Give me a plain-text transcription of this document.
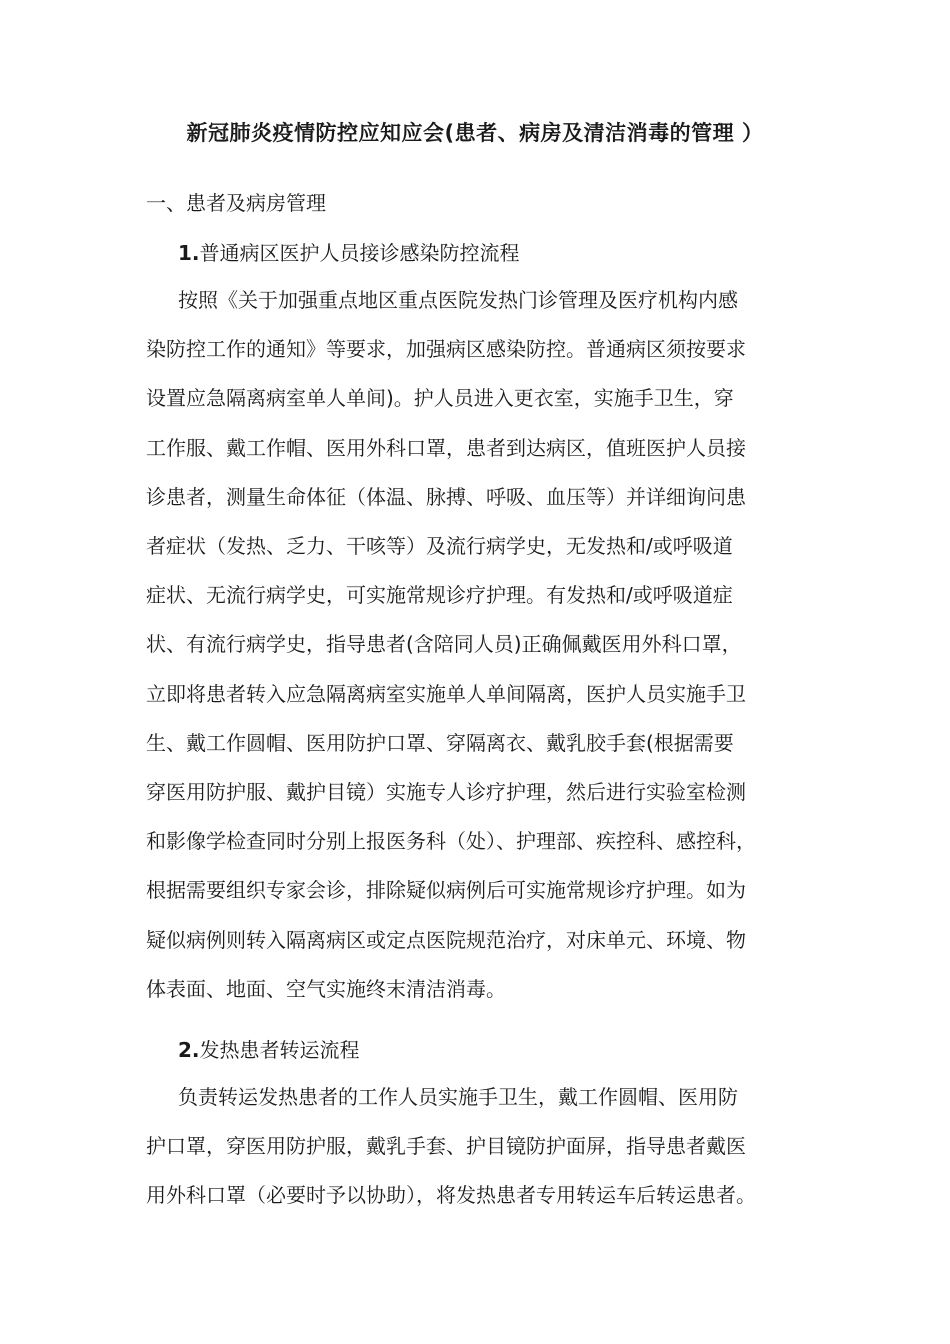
新冠肺炎疫情防控应知应会(患者、病房及清洁消毒的管理 ）
一、患者及病房管理
1.普通病区医护人员接诊感染防控流程
按照《关于加强重点地区重点医院发热门诊管理及医疗机构内感
染防控工作的通知》等要求，加强病区感染防控。普通病区须按要求
设置应急隔离病室单人单间)。护人员进入更衣室，实施手卫生，穿
工作服、戴工作帽、医用外科口罩，患者到达病区，值班医护人员接
诊患者，测量生命体征（体温、脉搏、呼吸、血压等）并详细询问患
者症状（发热、乏力、干咳等）及流行病学史，无发热和/或呼吸道
症状、无流行病学史，可实施常规诊疗护理。有发热和/或呼吸道症
状、有流行病学史，指导患者(含陪同人员)正确佩戴医用外科口罩，
立即将患者转入应急隔离病室实施单人单间隔离，医护人员实施手卫
生、戴工作圆帽、医用防护口罩、穿隔离衣、戴乳胶手套(根据需要
穿医用防护服、戴护目镜）实施专人诊疗护理，然后进行实验室检测
和影像学检查同时分别上报医务科（处）、护理部、疾控科、感控科，
根据需要组织专家会诊，排除疑似病例后可实施常规诊疗护理。如为
疑似病例则转入隔离病区或定点医院规范治疗，对床单元、环境、物
体表面、地面、空气实施终末清洁消毒。
2.发热患者转运流程
负责转运发热患者的工作人员实施手卫生，戴工作圆帽、医用防
护口罩，穿医用防护服，戴乳手套、护目镜防护面屏，指导患者戴医
用外科口罩（必要时予以协助），将发热患者专用转运车后转运患者。
